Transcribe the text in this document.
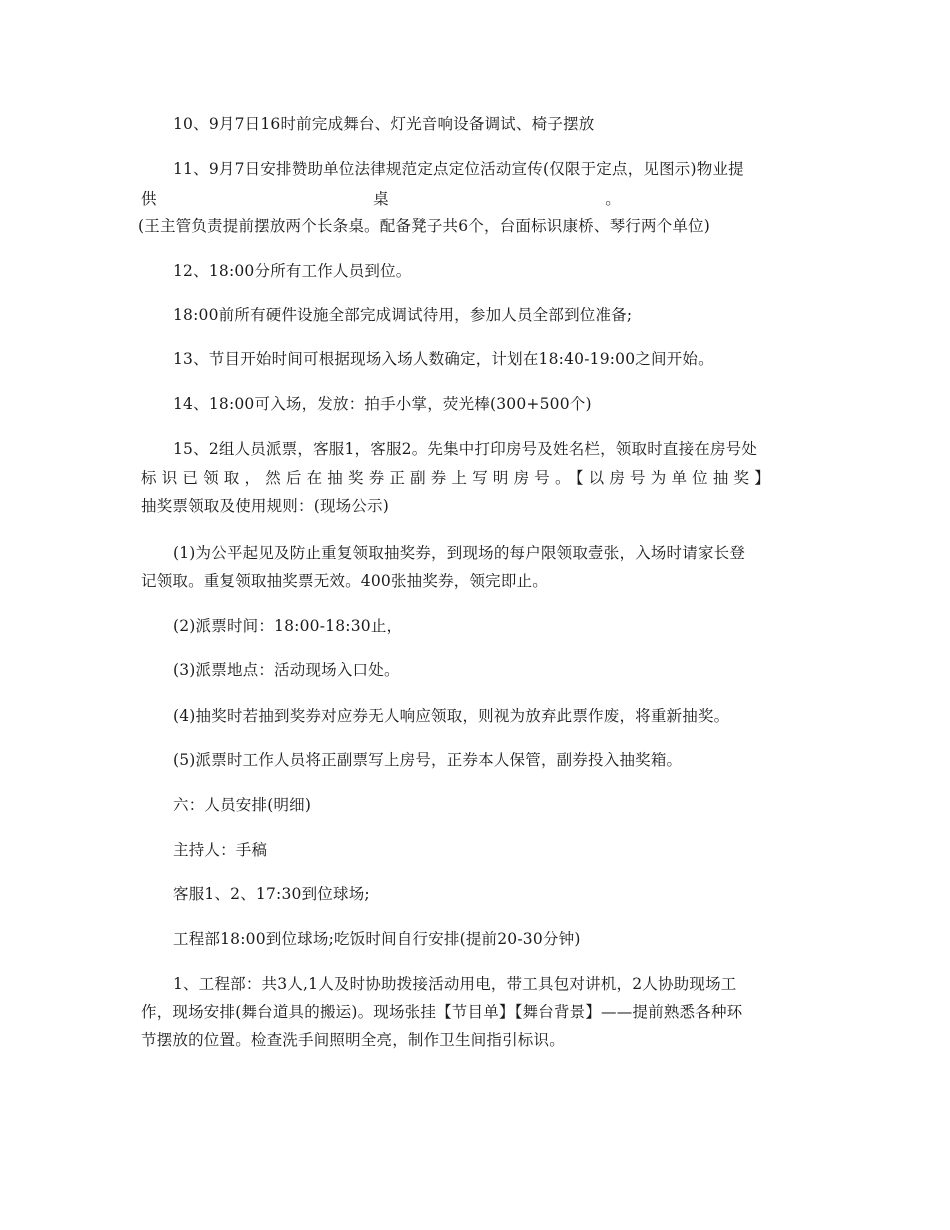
10、9月7日16时前完成舞台、灯光音响设备调试、椅子摆放
11、9月7日安排赞助单位法律规范定点定位活动宣传(仅限于定点，见图示)物业提
供	桌	。
(王主管负责提前摆放两个长条桌。配备凳子共6个，台面标识康桥、琴行两个单位)
12、18:00分所有工作人员到位。
18:00前所有硬件设施全部完成调试待用，参加人员全部到位准备;
13、节目开始时间可根据现场入场人数确定，计划在18:40-19:00之间开始。
14、18:00可入场，发放：拍手小掌，荧光棒(300+500个)
15、2组人员派票，客服1，客服2。先集中打印房号及姓名栏，领取时直接在房号处
标识已领取，然后在抽奖券正副券上写明房号。【以房号为单位抽奖】
抽奖票领取及使用规则：(现场公示)
(1)为公平起见及防止重复领取抽奖券，到现场的每户限领取壹张，入场时请家长登
记领取。重复领取抽奖票无效。400张抽奖券，领完即止。
(2)派票时间：18:00-18:30止，
(3)派票地点：活动现场入口处。
(4)抽奖时若抽到奖券对应券无人响应领取，则视为放弃此票作废，将重新抽奖。
(5)派票时工作人员将正副票写上房号，正券本人保管，副券投入抽奖箱。
六：人员安排(明细)
主持人：手稿
客服1、2、17:30到位球场;
工程部18:00到位球场;吃饭时间自行安排(提前20-30分钟)
1、工程部：共3人,1人及时协助拨接活动用电，带工具包对讲机，2人协助现场工
作，现场安排(舞台道具的搬运)。现场张挂【节目单】【舞台背景】——提前熟悉各种环
节摆放的位置。检查洗手间照明全亮，制作卫生间指引标识。
